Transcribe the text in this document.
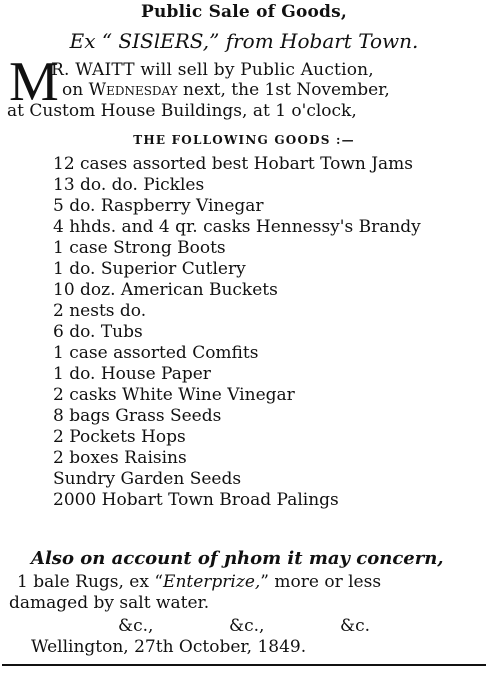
Public Sale of Goods,
Ex “ SISlERS,” from Hobart Town.
M
R. WAITT will sell by Public Auction,
on Wednesday next, the 1st November,
at Custom House Buildings, at 1 o'clock,
THE FOLLOWING GOODS :—
12 cases assorted best Hobart Town Jams
13 do. do. Pickles
5 do. Raspberry Vinegar
4 hhds. and 4 qr. casks Hennessy's Brandy
1 case Strong Boots
1 do. Superior Cutlery
10 doz. American Buckets
2 nests do.
6 do. Tubs
1 case assorted Comfits
1 do. House Paper
2 casks White Wine Vinegar
8 bags Grass Seeds
2 Pockets Hops
2 boxes Raisins
Sundry Garden Seeds
2000 Hobart Town Broad Palings
Also on account of ɲhom it may concern,
1 bale Rugs, ex “Enterprize,” more or less
damaged by salt water.
&c.,	&c.,	&c.
Wellington, 27th October, 1849.
